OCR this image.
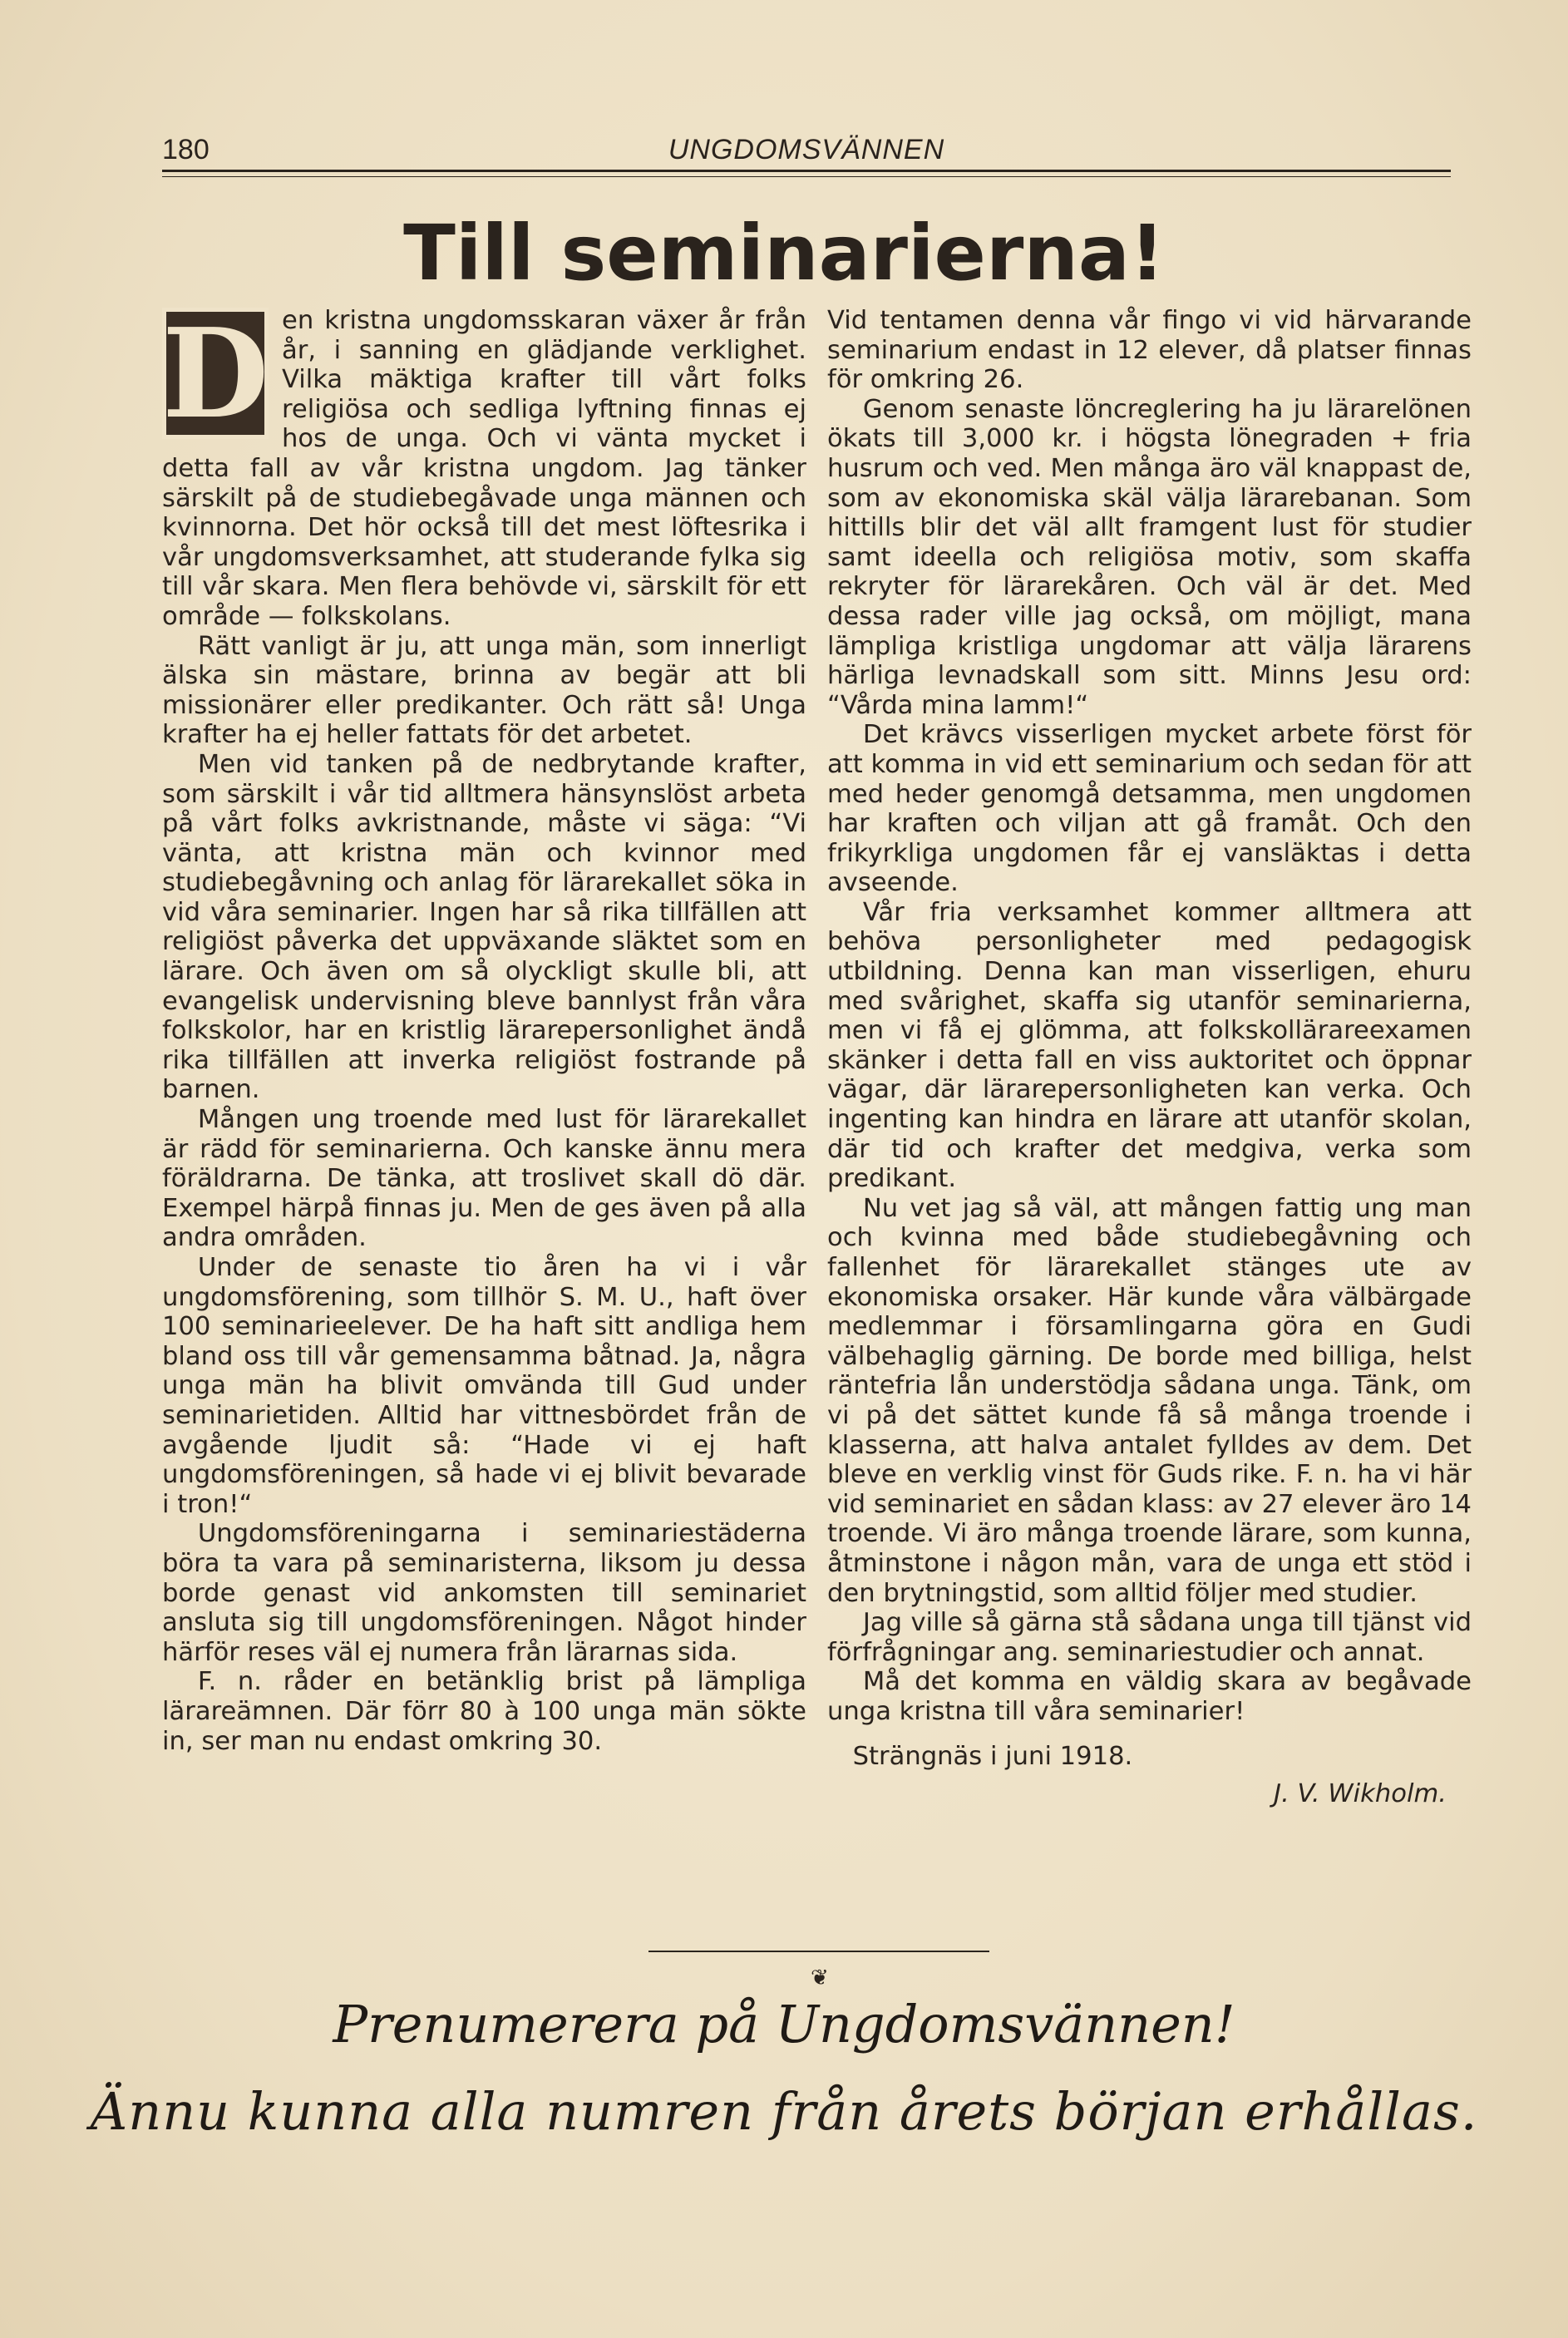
180	UNGDOMSVÄNNEN
Till seminarierna!

D en kristna ungdomsskaran växer år från år, i sanning en glädjande verklighet. Vilka mäktiga krafter till vårt folks religiösa och sedliga lyftning finnas ej hos de unga. Och vi vänta mycket i detta fall av vår kristna ungdom. Jag tänker särskilt på de studiebegåvade unga männen och kvinnorna. Det hör också till det mest löftesrika i vår ungdomsverksamhet, att studerande fylka sig till vår skara. Men flera behövde vi, särskilt för ett område — folkskolans.

Rätt vanligt är ju, att unga män, som innerligt älska sin mästare, brinna av begär att bli missionärer eller predikanter. Och rätt så! Unga krafter ha ej heller fattats för det arbetet.

Men vid tanken på de nedbrytande krafter, som särskilt i vår tid alltmera hänsynslöst arbeta på vårt folks avkristnande, måste vi säga: “Vi vänta, att kristna män och kvinnor med studiebegåvning och anlag för lärarekallet söka in vid våra seminarier. Ingen har så rika tillfällen att religiöst påverka det uppväxande släktet som en lärare. Och även om så olyckligt skulle bli, att evangelisk undervisning bleve bannlyst från våra folkskolor, har en kristlig lärarepersonlighet ändå rika tillfällen att inverka religiöst fostrande på barnen.

Mången ung troende med lust för lärarekallet är rädd för seminarierna. Och kanske ännu mera föräldrarna. De tänka, att troslivet skall dö där. Exempel härpå finnas ju. Men de ges även på alla andra områden.

Under de senaste tio åren ha vi i vår ungdomsförening, som tillhör S. M. U., haft över 100 seminarieelever. De ha haft sitt andliga hem bland oss till vår gemensamma båtnad. Ja, några unga män ha blivit omvända till Gud under seminarietiden. Alltid har vittnesbördet från de avgående ljudit så: “Hade vi ej haft ungdomsföreningen, så hade vi ej blivit bevarade i tron!“

Ungdomsföreningarna i seminariestäderna böra ta vara på seminaristerna, liksom ju dessa borde genast vid ankomsten till seminariet ansluta sig till ungdomsföreningen. Något hinder härför reses väl ej numera från lärarnas sida.

F. n. råder en betänklig brist på lämpliga lärareämnen. Där förr 80 à 100 unga män sökte in, ser man nu endast omkring 30.

Vid tentamen denna vår fingo vi vid härvarande seminarium endast in 12 elever, då platser finnas för omkring 26.

Genom senaste löncreglering ha ju lärarelönen ökats till 3,000 kr. i högsta lönegraden + fria husrum och ved. Men många äro väl knappast de, som av ekonomiska skäl välja lärarebanan. Som hittills blir det väl allt framgent lust för studier samt ideella och religiösa motiv, som skaffa rekryter för lärarekåren. Och väl är det. Med dessa rader ville jag också, om möjligt, mana lämpliga kristliga ungdomar att välja lärarens härliga levnadskall som sitt. Minns Jesu ord: “Vårda mina lamm!“

Det krävcs visserligen mycket arbete först för att komma in vid ett seminarium och sedan för att med heder genomgå detsamma, men ungdomen har kraften och viljan att gå framåt. Och den frikyrkliga ungdomen får ej vansläktas i detta avseende.

Vår fria verksamhet kommer alltmera att behöva personligheter med pedagogisk utbildning. Denna kan man visserligen, ehuru med svårighet, skaffa sig utanför seminarierna, men vi få ej glömma, att folkskollärareexamen skänker i detta fall en viss auktoritet och öppnar vägar, där lärarepersonligheten kan verka. Och ingenting kan hindra en lärare att utanför skolan, där tid och krafter det medgiva, verka som predikant.

Nu vet jag så väl, att mången fattig ung man och kvinna med både studiebegåvning och fallenhet för lärarekallet stänges ute av ekonomiska orsaker. Här kunde våra välbärgade medlemmar i församlingarna göra en Gudi välbehaglig gärning. De borde med billiga, helst räntefria lån understödja sådana unga. Tänk, om vi på det sättet kunde få så många troende i klasserna, att halva antalet fylldes av dem. Det bleve en verklig vinst för Guds rike. F. n. ha vi här vid seminariet en sådan klass: av 27 elever äro 14 troende. Vi äro många troende lärare, som kunna, åtminstone i någon mån, vara de unga ett stöd i den brytningstid, som alltid följer med studier.

Jag ville så gärna stå sådana unga till tjänst vid förfrågningar ang. seminariestudier och annat.

Må det komma en väldig skara av begåvade unga kristna till våra seminarier!

Strängnäs i juni 1918.

J. V. Wikholm.

❦
Prenumerera på Ungdomsvännen!
Ännu kunna alla numren från årets början erhållas.
